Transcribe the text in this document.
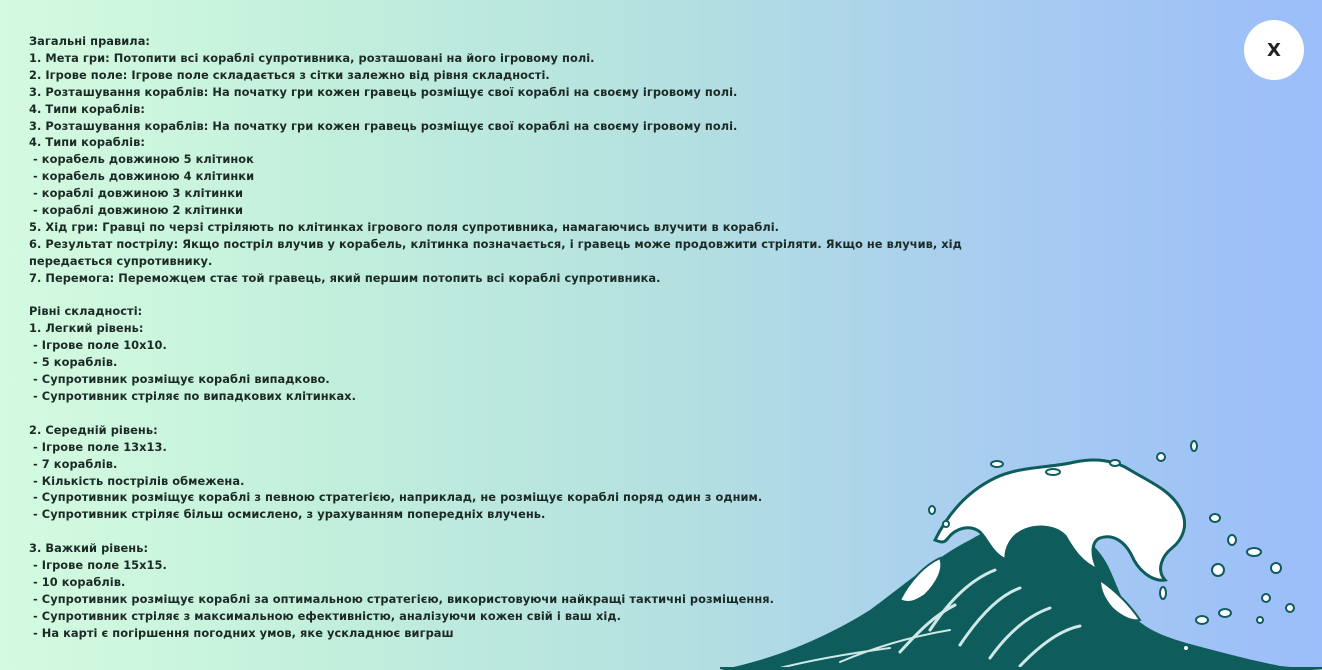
Загальні правила:
1. Мета гри: Потопити всі кораблі супротивника, розташовані на його ігровому полі.
2. Ігрове поле: Ігрове поле складається з сітки залежно від рівня складності.
3. Розташування кораблів: На початку гри кожен гравець розміщує свої кораблі на своєму ігровому полі.
4. Типи кораблів:
3. Розташування кораблів: На початку гри кожен гравець розміщує свої кораблі на своєму ігровому полі.
4. Типи кораблів:
- корабель довжиною 5 клітинок
- корабель довжиною 4 клітинки
- кораблі довжиною 3 клітинки
- кораблі довжиною 2 клітинки
5. Хід гри: Гравці по черзі стріляють по клітинках ігрового поля супротивника, намагаючись влучити в кораблі.
6. Результат пострілу: Якщо постріл влучив у корабель, клітинка позначається, і гравець може продовжити стріляти. Якщо не влучив, хід передається супротивнику.
7. Перемога: Переможцем стає той гравець, який першим потопить всі кораблі супротивника.
Рівні складності:
1. Легкий рівень:
- Ігрове поле 10x10.
- 5 кораблів.
- Супротивник розміщує кораблі випадково.
- Супротивник стріляє по випадкових клітинках.
2. Середній рівень:
- Ігрове поле 13x13.
- 7 кораблів.
- Кількість пострілів обмежена.
- Супротивник розміщує кораблі з певною стратегією, наприклад, не розміщує кораблі поряд один з одним.
- Супротивник стріляє більш осмислено, з урахуванням попередніх влучень.
3. Важкий рівень:
- Ігрове поле 15x15.
- 10 кораблів.
- Супротивник розміщує кораблі за оптимальною стратегією, використовуючи найкращі тактичні розміщення.
- Супротивник стріляє з максимальною ефективністю, аналізуючи кожен свій і ваш хід.
- На карті є погіршення погодних умов, яке ускладнює виграш
X
